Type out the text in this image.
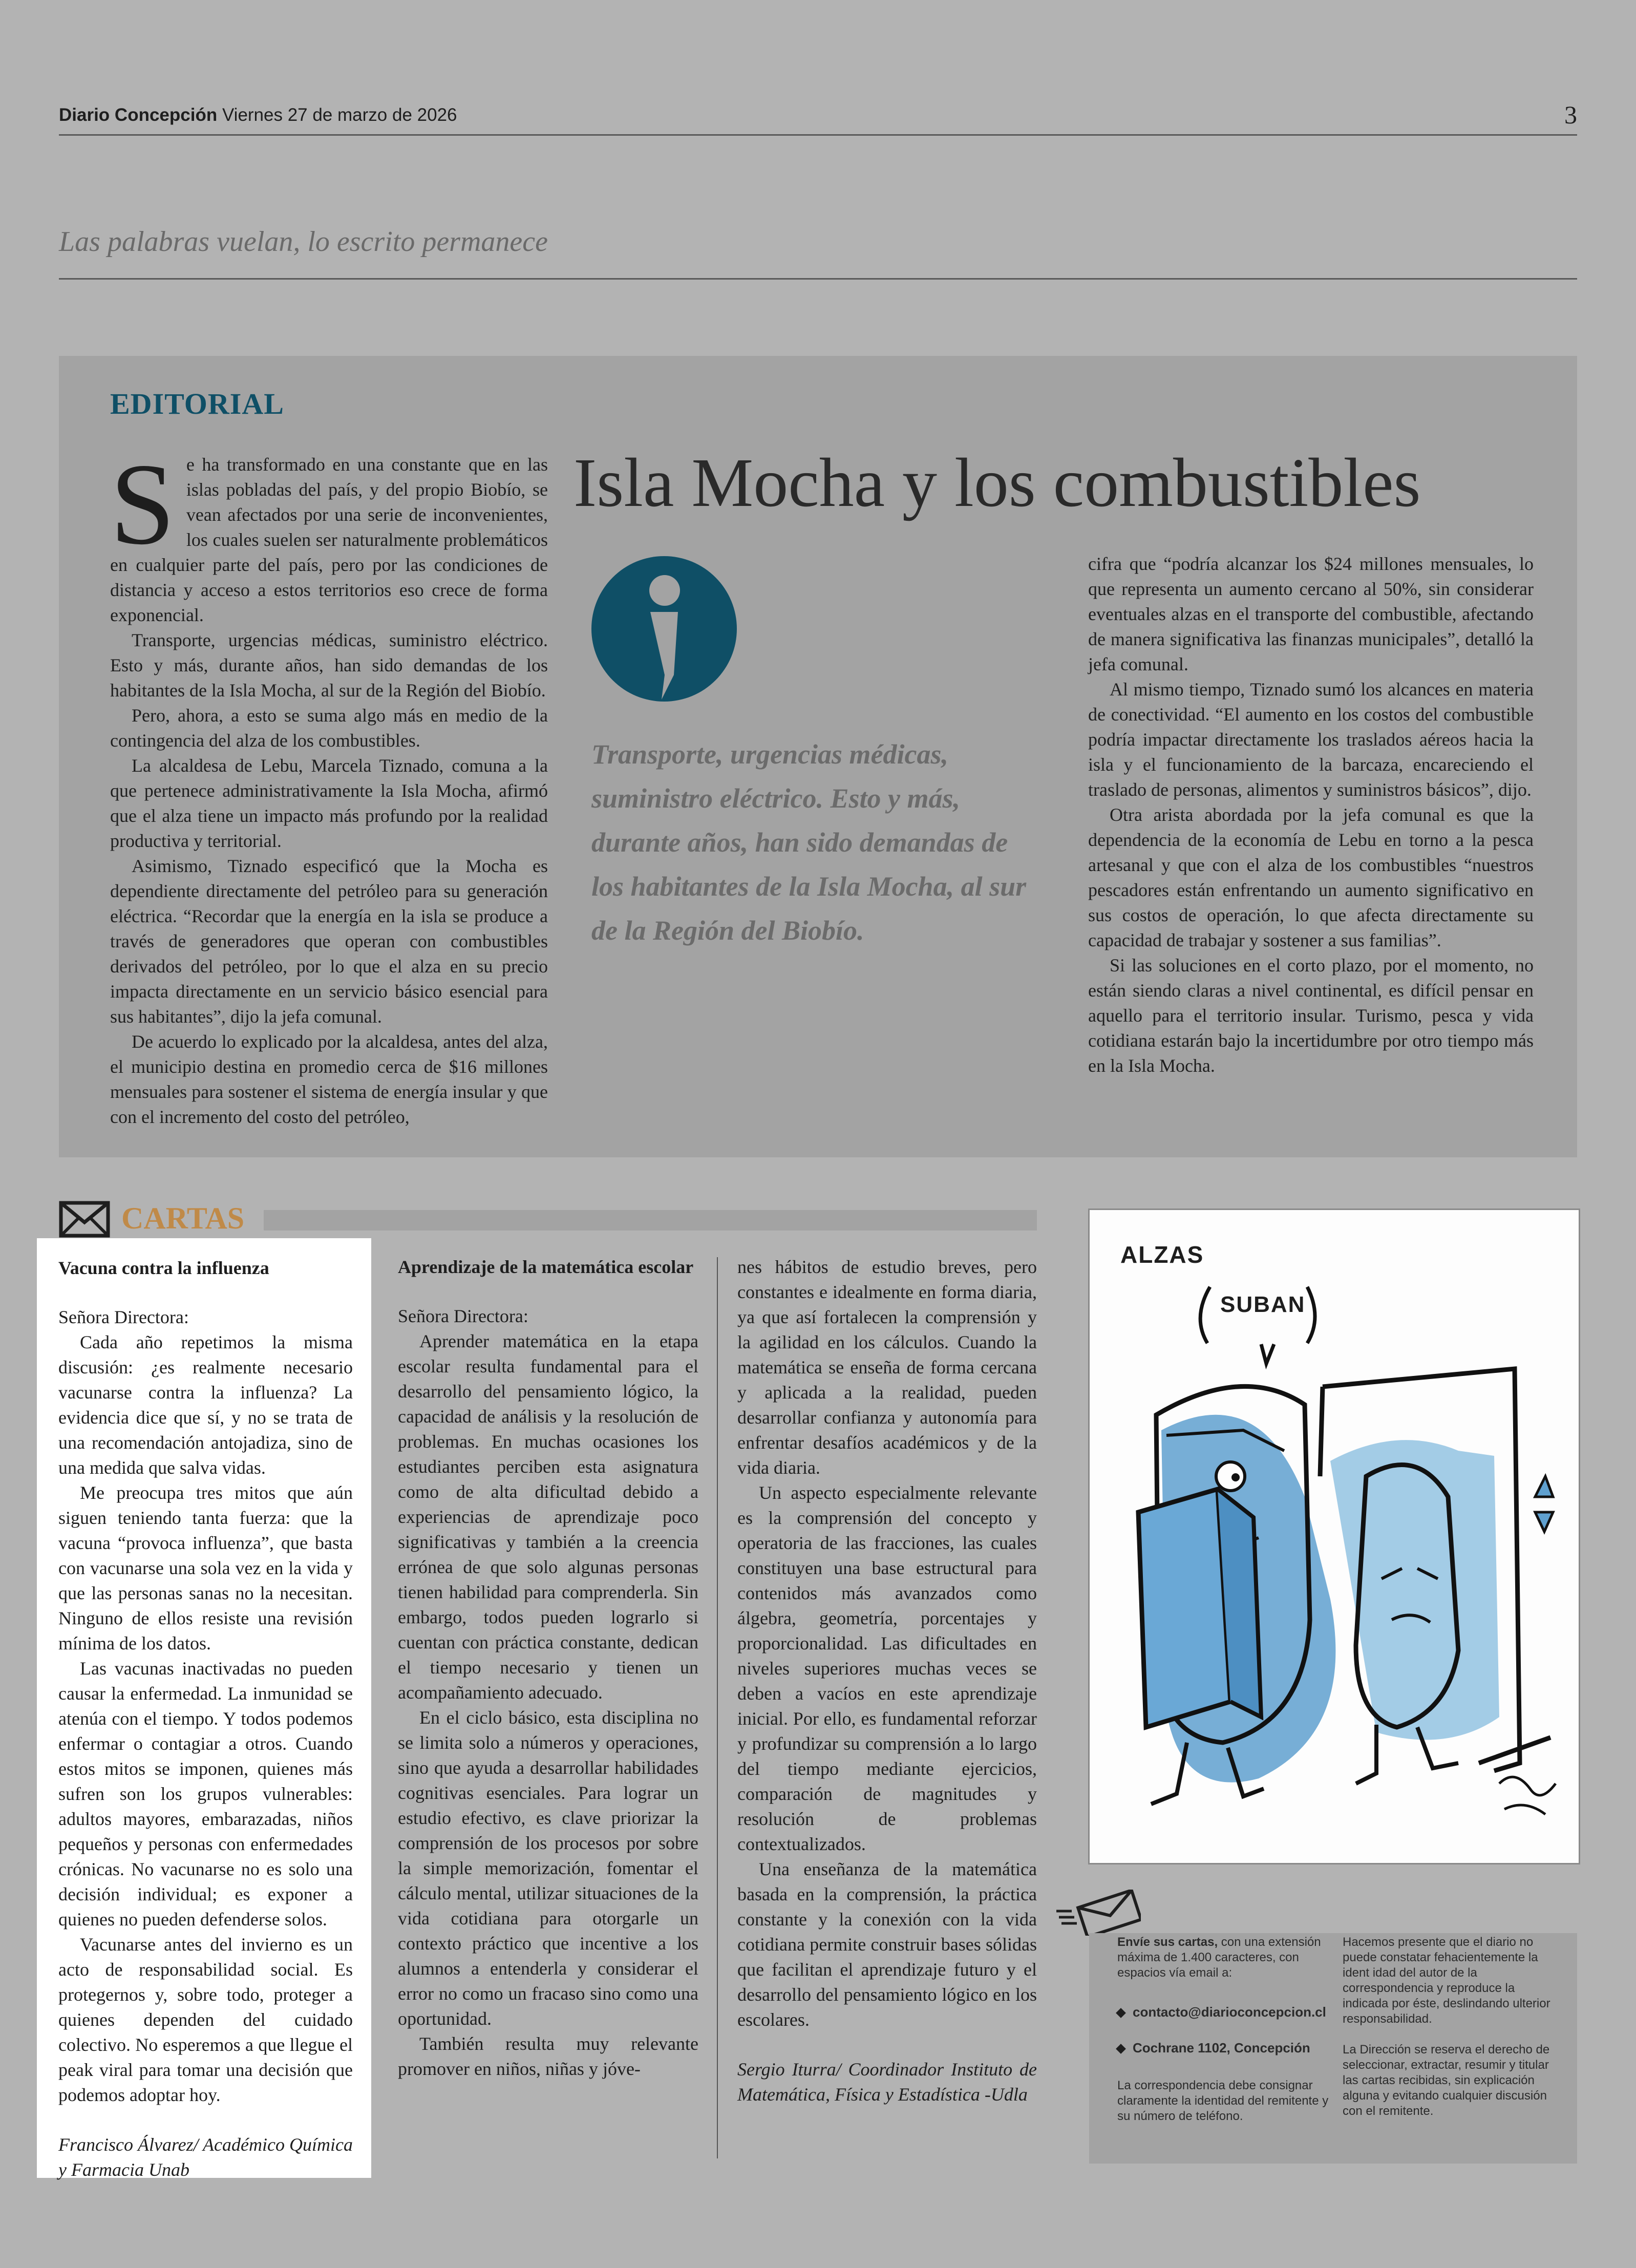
Diario Concepción Viernes 27 de marzo de 2026	3
Las palabras vuelan, lo escrito permanece
EDITORIAL

Se ha transformado en una constante que en las islas pobladas del país, y del propio Biobío, se vean afectados por una serie de inconvenientes, los cuales suelen ser naturalmente problemáticos en cualquier parte del país, pero por las condiciones de distancia y acceso a estos territorios eso crece de forma exponencial.

Transporte, urgencias médicas, suministro eléctrico. Esto y más, durante años, han sido demandas de los habitantes de la Isla Mocha, al sur de la Región del Biobío.

Pero, ahora, a esto se suma algo más en medio de la contingencia del alza de los combustibles.

La alcaldesa de Lebu, Marcela Tiznado, comuna a la que pertenece administrativamente la Isla Mocha, afirmó que el alza tiene un impacto más profundo por la realidad productiva y territorial.

Asimismo, Tiznado especificó que la Mocha es dependiente directamente del petróleo para su generación eléctrica. “Recordar que la energía en la isla se produce a través de generadores que operan con combustibles derivados del petróleo, por lo que el alza en su precio impacta directamente en un servicio básico esencial para sus habitantes”, dijo la jefa comunal.

De acuerdo lo explicado por la alcaldesa, antes del alza, el municipio destina en promedio cerca de $16 millones mensuales para sostener el sistema de energía insular y que con el incremento del costo del petróleo,

Isla Mocha y los combustibles
Transporte, urgencias médicas, suministro eléctrico. Esto y más, durante años, han sido demandas de los habitantes de la Isla Mocha, al sur de la Región del Biobío.

cifra que “podría alcanzar los $24 millones mensuales, lo que representa un aumento cercano al 50%, sin considerar eventuales alzas en el transporte del combustible, afectando de manera significativa las finanzas municipales”, detalló la jefa comunal.

Al mismo tiempo, Tiznado sumó los alcances en materia de conectividad. “El aumento en los costos del combustible podría impactar directamente los traslados aéreos hacia la isla y el funcionamiento de la barcaza, encareciendo el traslado de personas, alimentos y suministros básicos”, dijo.

Otra arista abordada por la jefa comunal es que la dependencia de la economía de Lebu en torno a la pesca artesanal y que con el alza de los combustibles “nuestros pescadores están enfrentando un aumento significativo en sus costos de operación, lo que afecta directamente su capacidad de trabajar y sostener a sus familias”.

Si las soluciones en el corto plazo, por el momento, no están siendo claras a nivel continental, es difícil pensar en aquello para el territorio insular. Turismo, pesca y vida cotidiana estarán bajo la incertidumbre por otro tiempo más en la Isla Mocha.

CARTAS
Vacuna contra la influenza

Señora Directora:

Cada año repetimos la misma discusión: ¿es realmente necesario vacunarse contra la influenza? La evidencia dice que sí, y no se trata de una recomendación antojadiza, sino de una medida que salva vidas.

Me preocupa tres mitos que aún siguen teniendo tanta fuerza: que la vacuna “provoca influenza”, que basta con vacunarse una sola vez en la vida y que las personas sanas no la necesitan. Ninguno de ellos resiste una revisión mínima de los datos.

Las vacunas inactivadas no pueden causar la enfermedad. La inmunidad se atenúa con el tiempo. Y todos podemos enfermar o contagiar a otros. Cuando estos mitos se imponen, quienes más sufren son los grupos vulnerables: adultos mayores, embarazadas, niños pequeños y personas con enfermedades crónicas. No vacunarse no es solo una decisión individual; es exponer a quienes no pueden defenderse solos.

Vacunarse antes del invierno es un acto de responsabilidad social. Es protegernos y, sobre todo, proteger a quienes dependen del cuidado colectivo. No esperemos a que llegue el peak viral para tomar una decisión que podemos adoptar hoy.

Francisco Álvarez/ Académico Química y Farmacia Unab

Aprendizaje de la matemática escolar

Señora Directora:

Aprender matemática en la etapa escolar resulta fundamental para el desarrollo del pensamiento lógico, la capacidad de análisis y la resolución de problemas. En muchas ocasiones los estudiantes perciben esta asignatura como de alta dificultad debido a experiencias de aprendizaje poco significativas y también a la creencia errónea de que solo algunas personas tienen habilidad para comprenderla. Sin embargo, todos pueden lograrlo si cuentan con práctica constante, dedican el tiempo necesario y tienen un acompañamiento adecuado.

En el ciclo básico, esta disciplina no se limita solo a números y operaciones, sino que ayuda a desarrollar habilidades cognitivas esenciales. Para lograr un estudio efectivo, es clave priorizar la comprensión de los procesos por sobre la simple memorización, fomentar el cálculo mental, utilizar situaciones de la vida cotidiana para otorgarle un contexto práctico que incentive a los alumnos a entenderla y considerar el error no como un fracaso sino como una oportunidad.

También resulta muy relevante promover en niños, niñas y jóve-

nes hábitos de estudio breves, pero constantes e idealmente en forma diaria, ya que así fortalecen la comprensión y la agilidad en los cálculos. Cuando la matemática se enseña de forma cercana y aplicada a la realidad, pueden desarrollar confianza y autonomía para enfrentar desafíos académicos y de la vida diaria.

Un aspecto especialmente relevante es la comprensión del concepto y operatoria de las fracciones, las cuales constituyen una base estructural para contenidos más avanzados como álgebra, geometría, porcentajes y proporcionalidad. Las dificultades en niveles superiores muchas veces se deben a vacíos en este aprendizaje inicial. Por ello, es fundamental reforzar y profundizar su comprensión a lo largo del tiempo mediante ejercicios, comparación de magnitudes y resolución de problemas contextualizados.

Una enseñanza de la matemática basada en la comprensión, la práctica constante y la conexión con la vida cotidiana permite construir bases sólidas que facilitan el aprendizaje futuro y el desarrollo del pensamiento lógico en los escolares.

Sergio Iturra/ Coordinador Instituto de Matemática, Física y Estadística -Udla

ALZAS
SUBAN
Envíe sus cartas, con una extensión máxima de 1.400 caracteres, con espacios vía email a:
contacto@diarioconcepcion.cl
Cochrane 1102, Concepción
La correspondencia debe consignar claramente la identidad del remitente y su número de teléfono.
Hacemos presente que el diario no puede constatar fehacientemente la ident idad del autor de la correspondencia y reproduce la indicada por éste, deslindando ulterior responsabilidad.
La Dirección se reserva el derecho de seleccionar, extractar, resumir y titular las cartas recibidas, sin explicación alguna y evitando cualquier discusión con el remitente.
